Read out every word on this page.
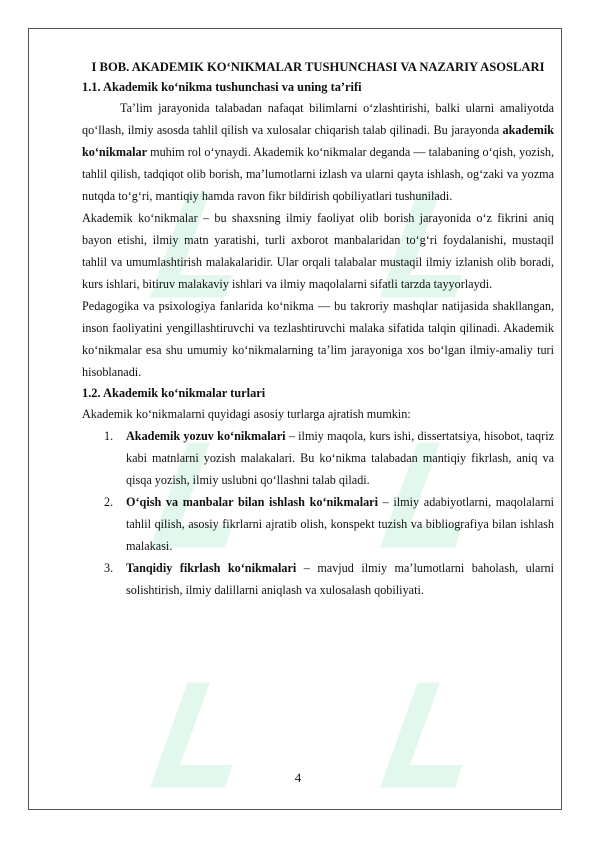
I BOB. AKADEMIK KO‘NIKMALAR TUSHUNCHASI VA NAZARIY ASOSLARI
1.1. Akademik ko‘nikma tushunchasi va uning ta’rifi

Ta’lim jarayonida talabadan nafaqat bilimlarni o‘zlashtirishi, balki ularni amaliyotda qo‘llash, ilmiy asosda tahlil qilish va xulosalar chiqarish talab qilinadi. Bu jarayonda akademik ko‘nikmalar muhim rol o‘ynaydi. Akademik ko‘nikmalar deganda — talabaning o‘qish, yozish, tahlil qilish, tadqiqot olib borish, ma’lumotlarni izlash va ularni qayta ishlash, og‘zaki va yozma nutqda to‘g‘ri, mantiqiy hamda ravon fikr bildirish qobiliyatlari tushuniladi.

Akademik ko‘nikmalar – bu shaxsning ilmiy faoliyat olib borish jarayonida o‘z fikrini aniq bayon etishi, ilmiy matn yaratishi, turli axborot manbalaridan to‘g‘ri foydalanishi, mustaqil tahlil va umumlashtirish malakalaridir. Ular orqali talabalar mustaqil ilmiy izlanish olib boradi, kurs ishlari, bitiruv malakaviy ishlari va ilmiy maqolalarni sifatli tarzda tayyorlaydi.

Pedagogika va psixologiya fanlarida ko‘nikma — bu takroriy mashqlar natijasida shakllangan, inson faoliyatini yengillashtiruvchi va tezlashtiruvchi malaka sifatida talqin qilinadi. Akademik ko‘nikmalar esa shu umumiy ko‘nikmalarning ta’lim jarayoniga xos bo‘lgan ilmiy-amaliy turi hisoblanadi.

1.2. Akademik ko‘nikmalar turlari

Akademik ko‘nikmalarni quyidagi asosiy turlarga ajratish mumkin:

1. Akademik yozuv ko‘nikmalari – ilmiy maqola, kurs ishi, dissertatsiya, hisobot, taqriz kabi matnlarni yozish malakalari. Bu ko‘nikma talabadan mantiqiy fikrlash, aniq va qisqa yozish, ilmiy uslubni qo‘llashni talab qiladi.
2. O‘qish va manbalar bilan ishlash ko‘nikmalari – ilmiy adabiyotlarni, maqolalarni tahlil qilish, asosiy fikrlarni ajratib olish, konspekt tuzish va bibliografiya bilan ishlash malakasi.
3. Tanqidiy fikrlash ko‘nikmalari – mavjud ilmiy ma’lumotlarni baholash, ularni solishtirish, ilmiy dalillarni aniqlash va xulosalash qobiliyati.
4
